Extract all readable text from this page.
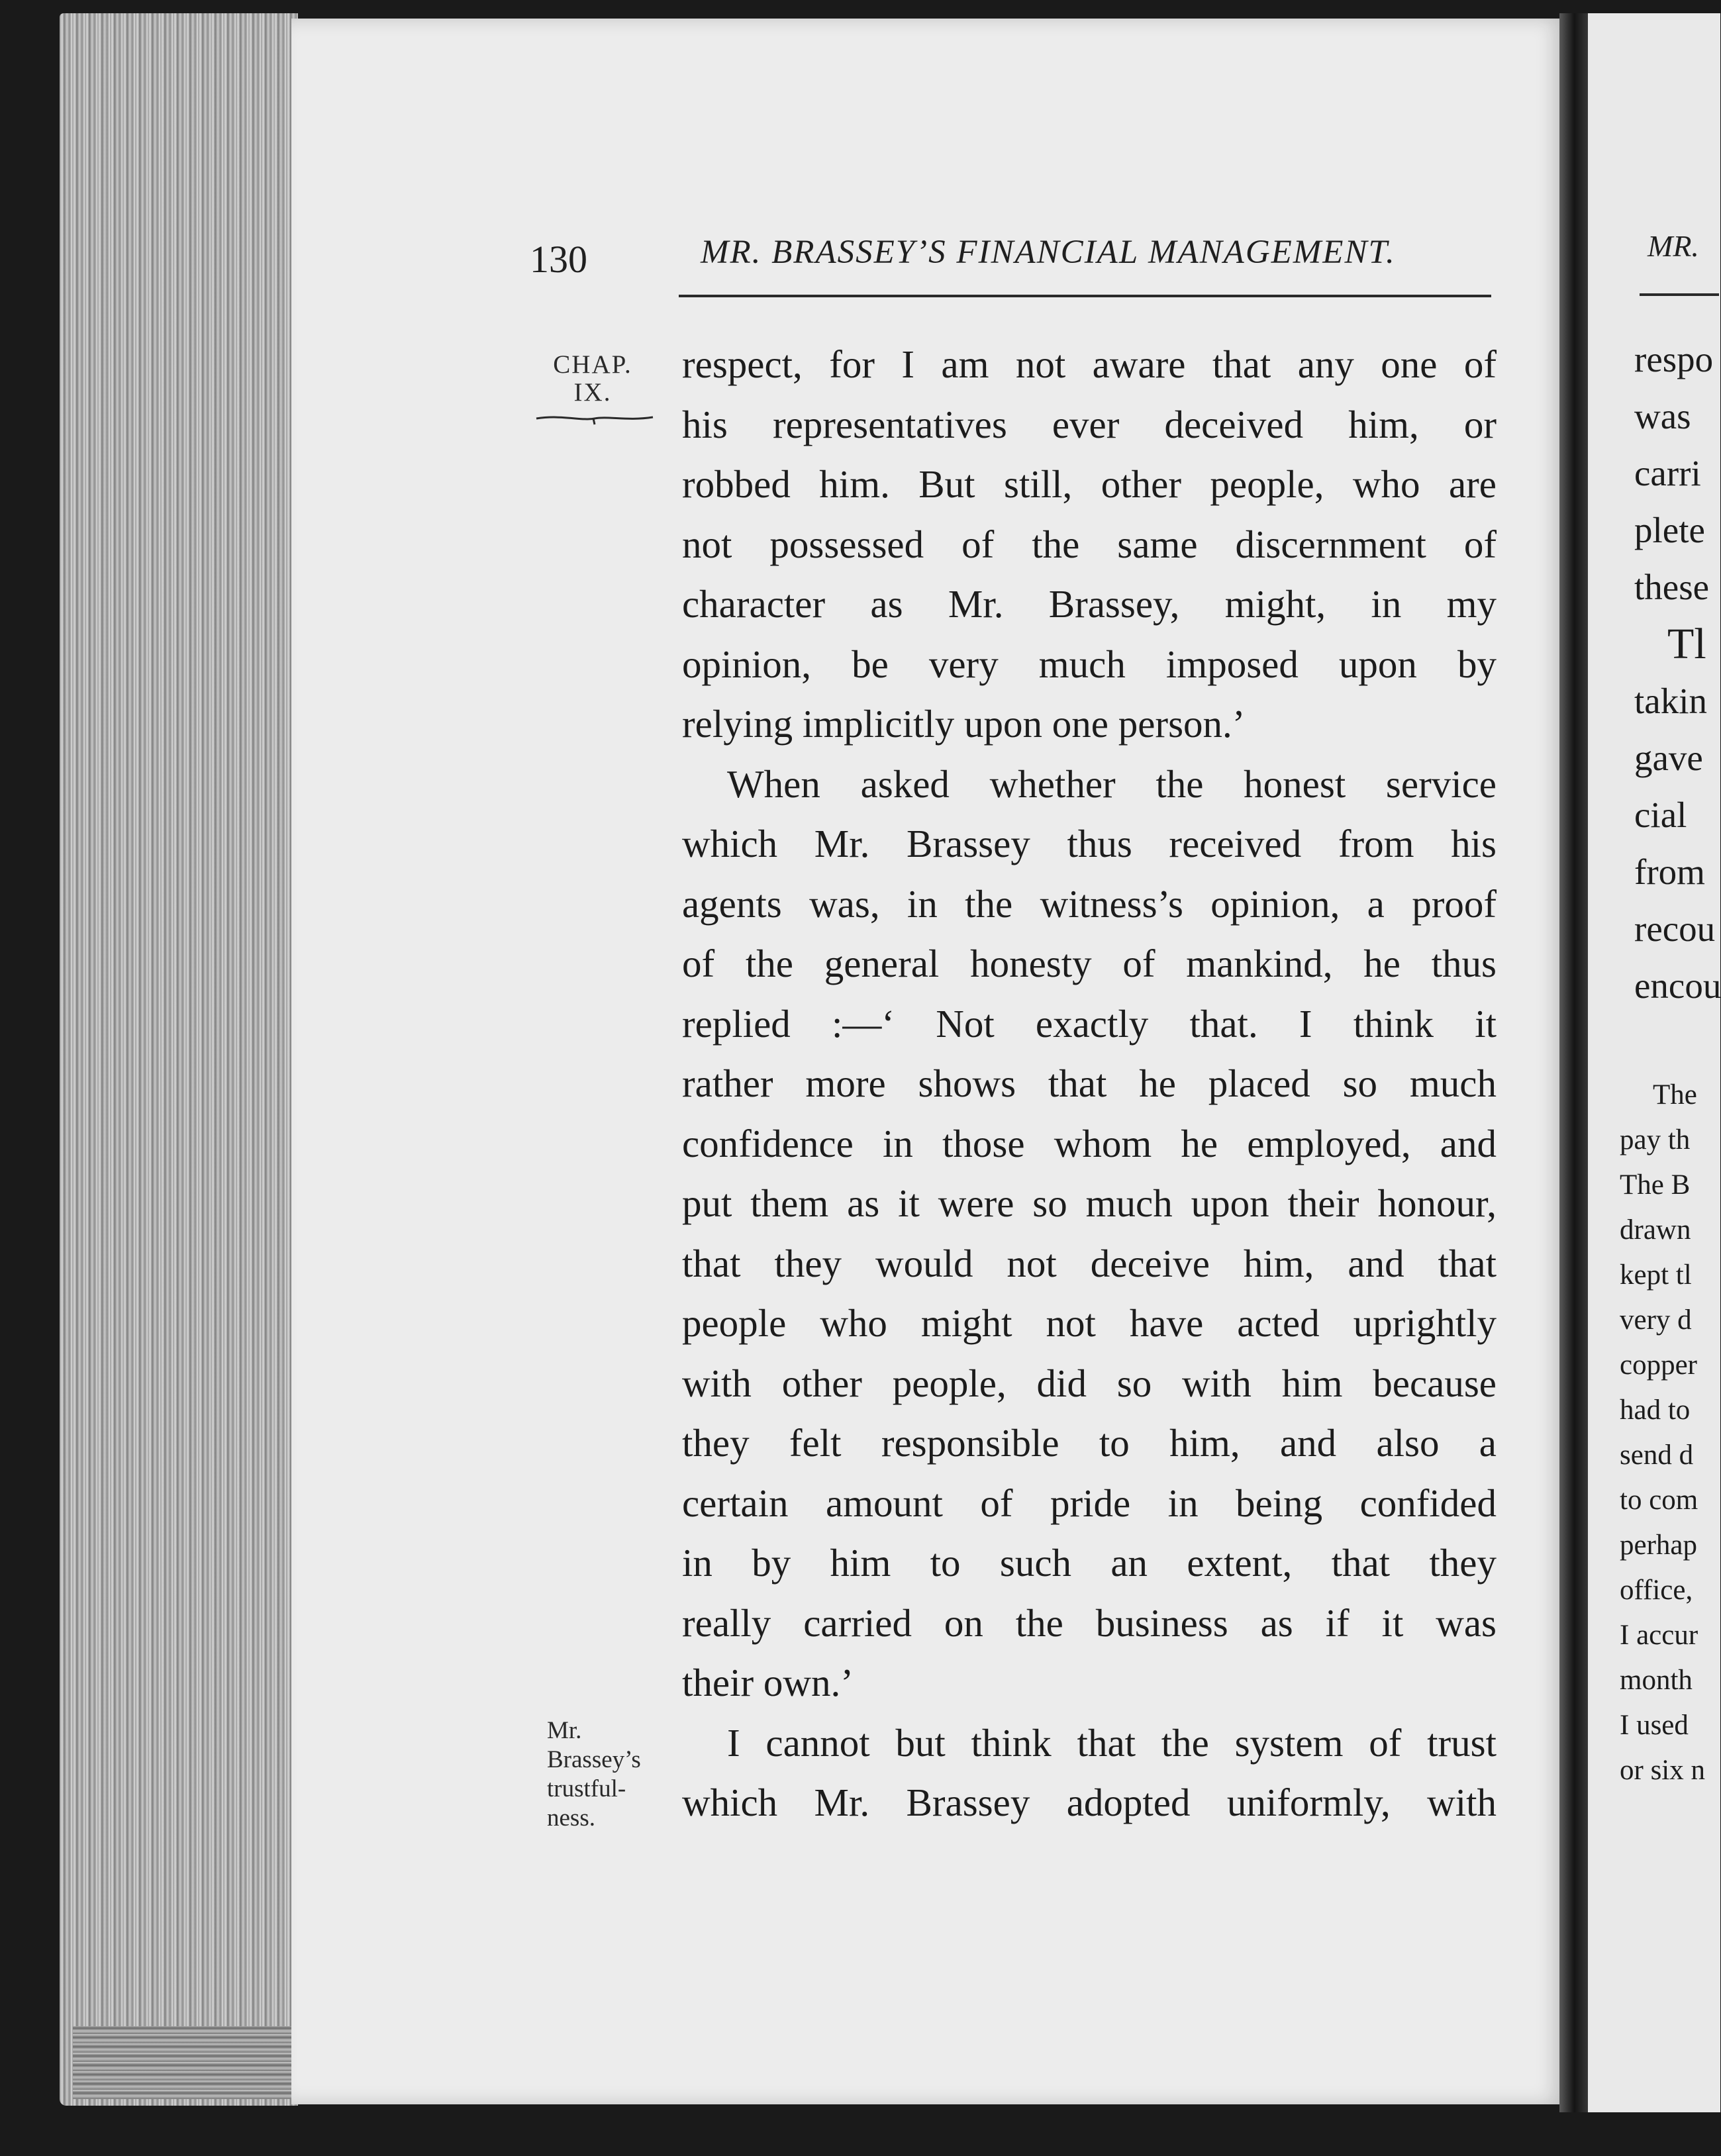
130	MR. BRASSEY’S FINANCIAL MANAGEMENT.
CHAP.
IX.
Mr.
Brassey’s
trustful-
ness.
respect, for I am not aware that any one of
his representatives ever deceived him, or
robbed him. But still, other people, who are
not possessed of the same discernment of
character as Mr. Brassey, might, in my
opinion, be very much imposed upon by
relying implicitly upon one person.’
When asked whether the honest service
which Mr. Brassey thus received from his
agents was, in the witness’s opinion, a proof
of the general honesty of mankind, he thus
replied :—‘ Not exactly that. I think it
rather more shows that he placed so much
confidence in those whom he employed, and
put them as it were so much upon their honour,
that they would not deceive him, and that
people who might not have acted uprightly
with other people, did so with him because
they felt responsible to him, and also a
certain amount of pride in being confided
in by him to such an extent, that they
really carried on the business as if it was
their own.’
I cannot but think that the system of trust
which Mr. Brassey adopted uniformly, with
MR.
respo
was
carri
plete
these
Tl
takin
gave
cial
from
recou
encou
The
pay th
The B
drawn
kept tl
very d
copper
had to
send d
to com
perhap
office,
I accur
month
I used
or six n
